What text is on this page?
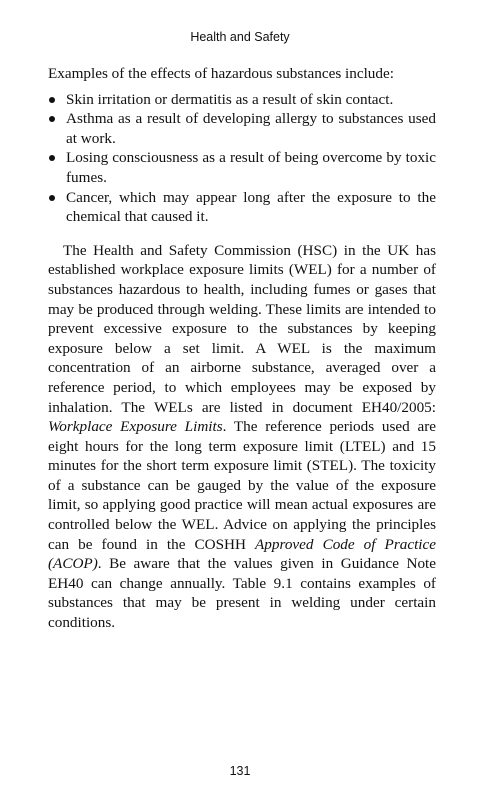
Health and Safety

Examples of the effects of hazardous substances include:

Skin irritation or dermatitis as a result of skin contact.
Asthma as a result of developing allergy to substances used at work.
Losing consciousness as a result of being overcome by toxic fumes.
Cancer, which may appear long after the exposure to the chemical that caused it.

The Health and Safety Commission (HSC) in the UK has established workplace exposure limits (WEL) for a number of substances hazardous to health, including fumes or gases that may be produced through welding. These limits are intended to prevent excessive exposure to the substances by keeping exposure below a set limit. A WEL is the maximum concentration of an airborne substance, averaged over a reference period, to which employees may be exposed by inhalation. The WELs are listed in document EH40/2005: Workplace Exposure Limits. The reference periods used are eight hours for the long term exposure limit (LTEL) and 15 minutes for the short term exposure limit (STEL). The toxicity of a substance can be gauged by the value of the exposure limit, so applying good practice will mean actual exposures are controlled below the WEL. Advice on applying the principles can be found in the COSHH Approved Code of Practice (ACOP). Be aware that the values given in Guidance Note EH40 can change annually. Table 9.1 contains examples of substances that may be present in welding under certain conditions.

131
